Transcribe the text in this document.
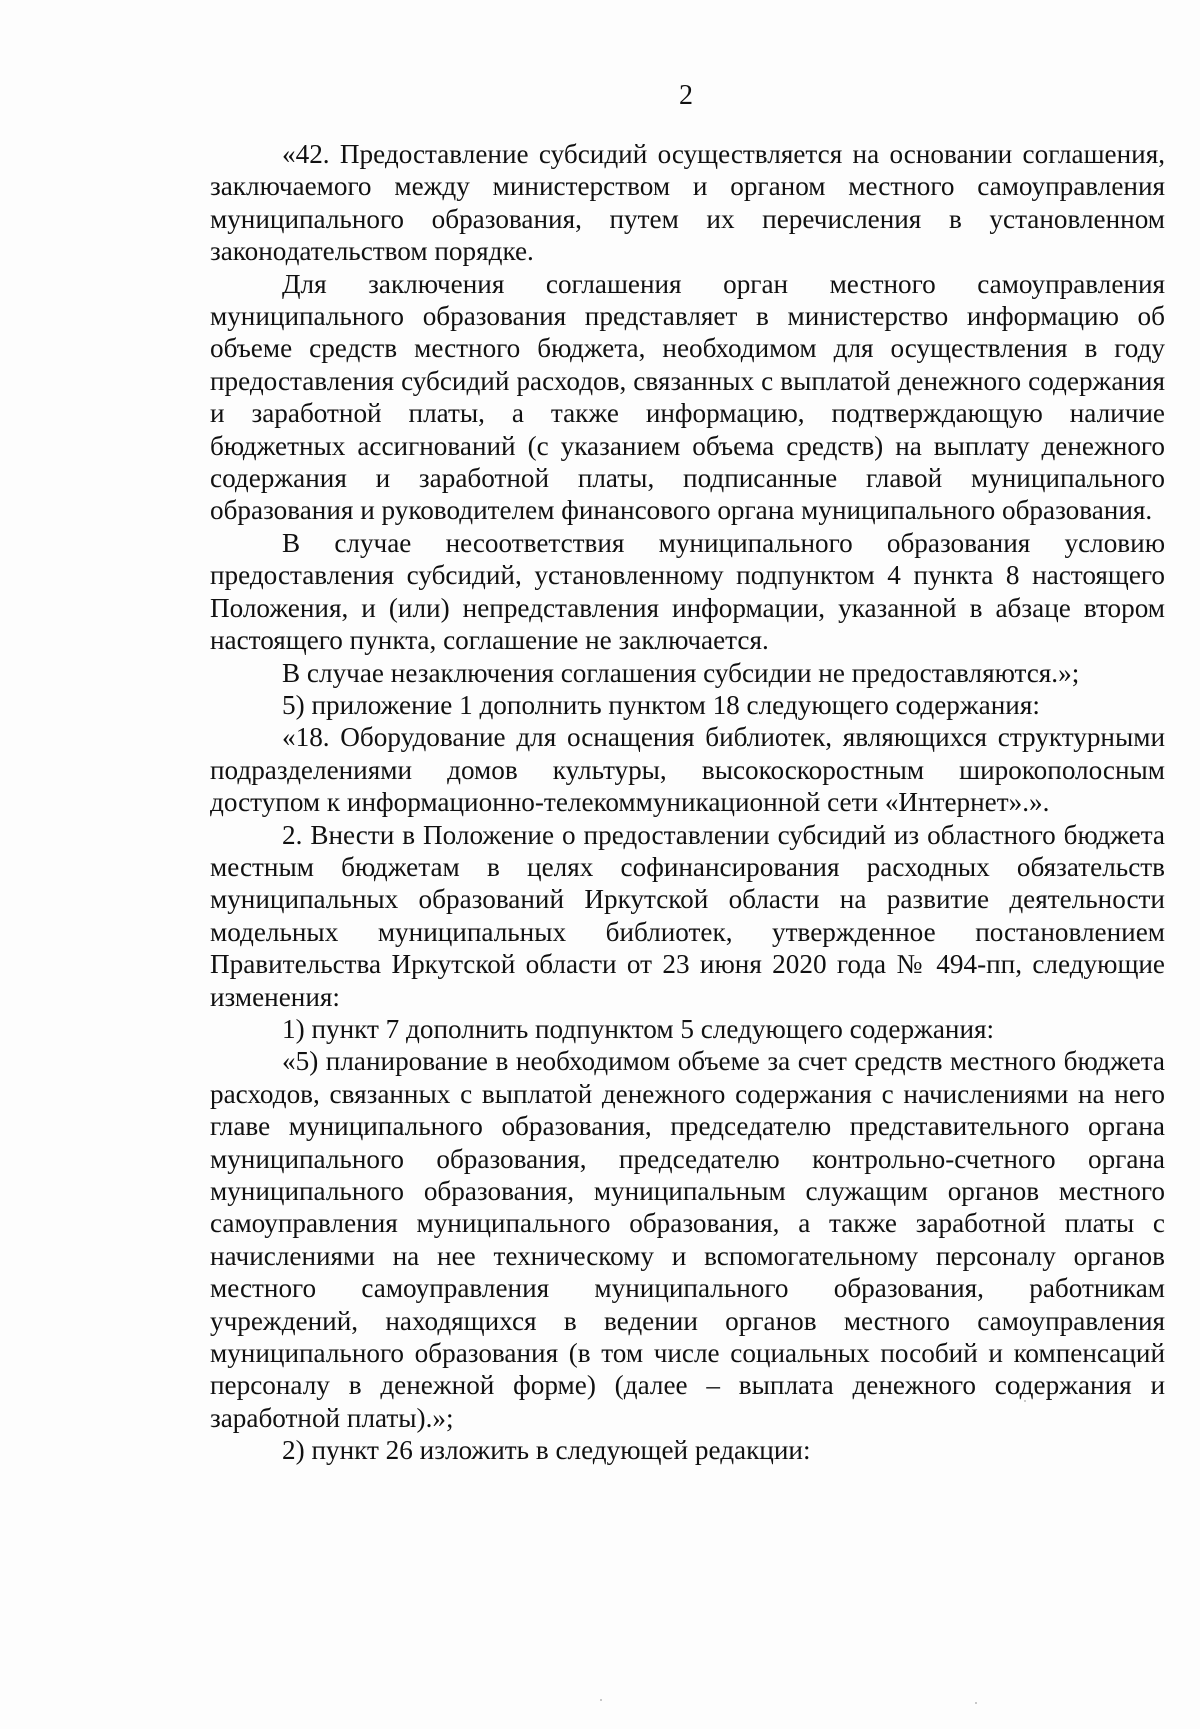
2

«42. Предоставление субсидий осуществляется на основании соглашения, заключаемого между министерством и органом местного самоуправления муниципального образования, путем их перечисления в установленном законодательством порядке.

Для заключения соглашения орган местного самоуправления муниципального образования представляет в министерство информацию об объеме средств местного бюджета, необходимом для осуществления в году предоставления субсидий расходов, связанных с выплатой денежного содержания и заработной платы, а также информацию, подтверждающую наличие бюджетных ассигнований (с указанием объема средств) на выплату денежного содержания и заработной платы, подписанные главой муниципального образования и руководителем финансового органа муниципального образования.

В случае несоответствия муниципального образования условию предоставления субсидий, установленному подпунктом 4 пункта 8 настоящего Положения, и (или) непредставления информации, указанной в абзаце втором настоящего пункта, соглашение не заключается.

В случае незаключения соглашения субсидии не предоставляются.»;

5) приложение 1 дополнить пунктом 18 следующего содержания:

«18. Оборудование для оснащения библиотек, являющихся структурными подразделениями домов культуры, высокоскоростным широкополосным доступом к информационно-телекоммуникационной сети «Интернет».».

2. Внести в Положение о предоставлении субсидий из областного бюджета местным бюджетам в целях софинансирования расходных обязательств муниципальных образований Иркутской области на развитие деятельности модельных муниципальных библиотек, утвержденное постановлением Правительства Иркутской области от 23 июня 2020 года № 494-пп, следующие изменения:

1) пункт 7 дополнить подпунктом 5 следующего содержания:

«5) планирование в необходимом объеме за счет средств местного бюджета расходов, связанных с выплатой денежного содержания с начислениями на него главе муниципального образования, председателю представительного органа муниципального образования, председателю контрольно-счетного органа муниципального образования, муниципальным служащим органов местного самоуправления муниципального образования, а также заработной платы с начислениями на нее техническому и вспомогательному персоналу органов местного самоуправления муниципального образования, работникам учреждений, находящихся в ведении органов местного самоуправления муниципального образования (в том числе социальных пособий и компенсаций персоналу в денежной форме) (далее – выплата денежного содержания и заработной платы).»;

2) пункт 26 изложить в следующей редакции:
